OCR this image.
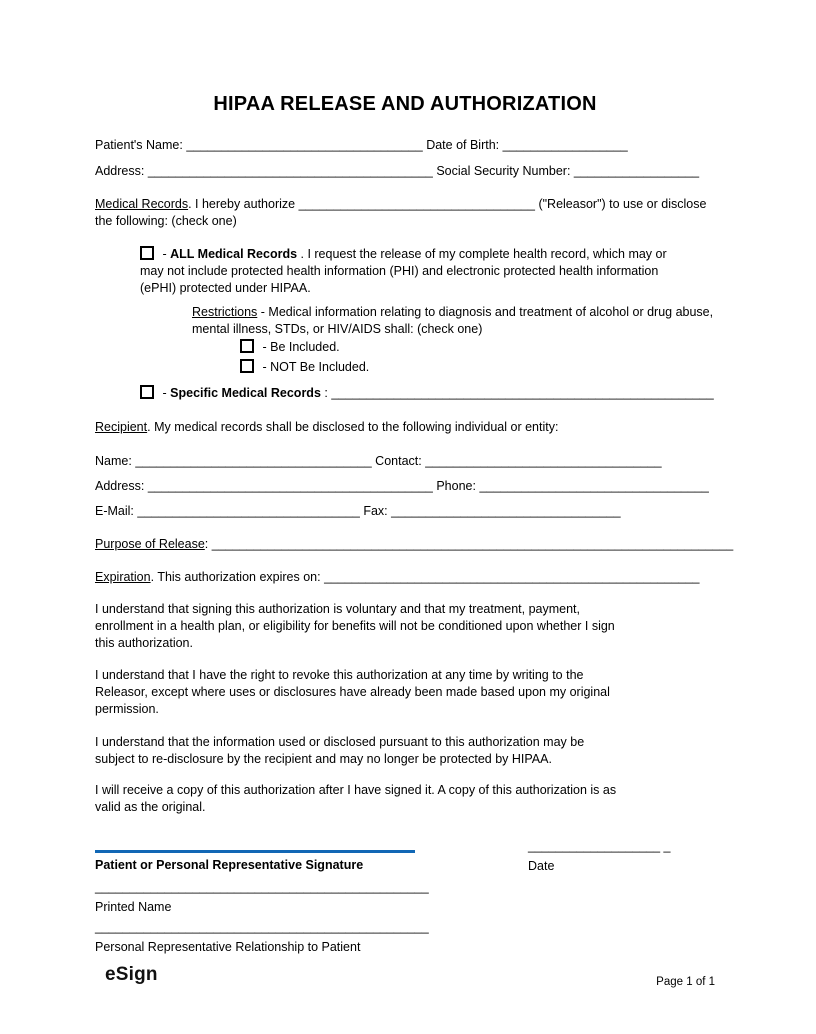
HIPAA RELEASE AND AUTHORIZATION
Patient's Name: __________________________________ Date of Birth: __________________
Address: _________________________________________ Social Security Number: __________________
Medical Records. I hereby authorize __________________________________ ("Releasor") to use or disclose the following: (check one)
- ALL Medical Records . I request the release of my complete health record, which may or may not include protected health information (PHI) and electronic protected health information (ePHI) protected under HIPAA.
Restrictions - Medical information relating to diagnosis and treatment of alcohol or drug abuse, mental illness, STDs, or HIV/AIDS shall: (check one)
- Be Included.
- NOT Be Included.
- Specific Medical Records : _______________________________________________________
Recipient. My medical records shall be disclosed to the following individual or entity:
Name: __________________________________ Contact: __________________________________
Address: _________________________________________ Phone: _________________________________
E-Mail: ________________________________ Fax: _________________________________
Purpose of Release: ___________________________________________________________________________
Expiration. This authorization expires on: ______________________________________________________
I understand that signing this authorization is voluntary and that my treatment, payment,
enrollment in a health plan, or eligibility for benefits will not be conditioned upon whether I sign
this authorization.
I understand that I have the right to revoke this authorization at any time by writing to the
Releasor, except where uses or disclosures have already been made based upon my original
permission.
I understand that the information used or disclosed pursuant to this authorization may be
subject to re-disclosure by the recipient and may no longer be protected by HIPAA.
I will receive a copy of this authorization after I have signed it. A copy of this authorization is as
valid as the original.
Patient or Personal Representative Signature
___________________ _
Date
________________________________________________
Printed Name
________________________________________________
Personal Representative Relationship to Patient
eSign	Page 1 of 1
